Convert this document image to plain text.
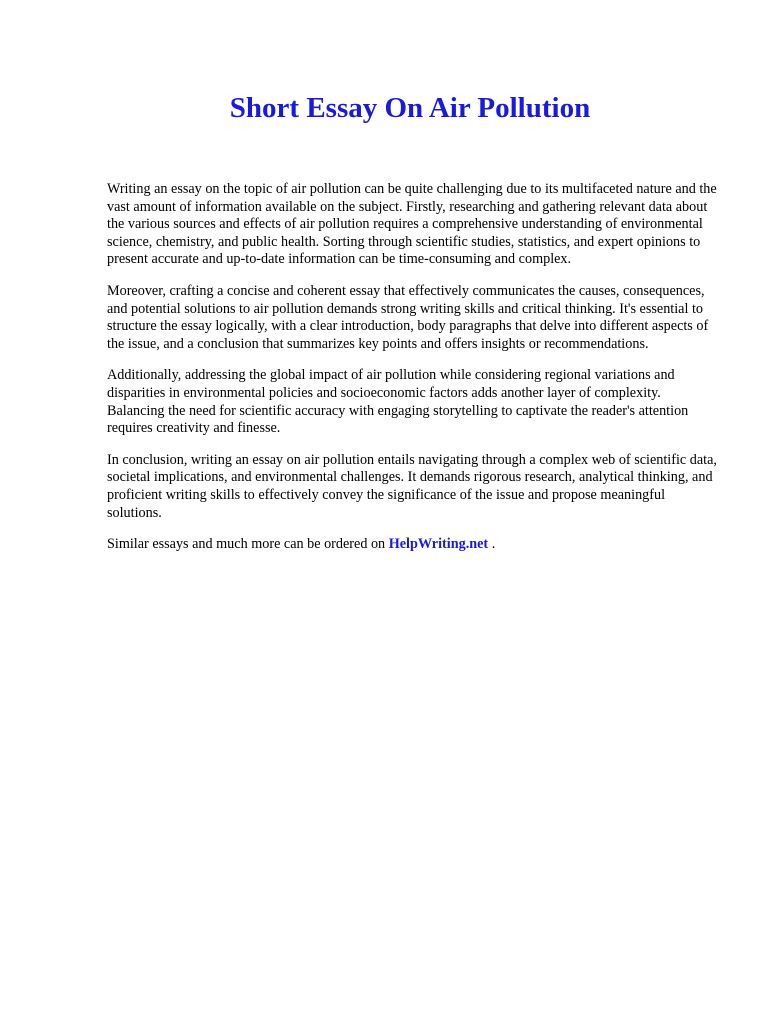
Short Essay On Air Pollution

Writing an essay on the topic of air pollution can be quite challenging due to its multifaceted nature and the vast amount of information available on the subject. Firstly, researching and gathering relevant data about the various sources and effects of air pollution requires a comprehensive understanding of environmental science, chemistry, and public health. Sorting through scientific studies, statistics, and expert opinions to present accurate and up-to-date information can be time-consuming and complex.

Moreover, crafting a concise and coherent essay that effectively communicates the causes, consequences, and potential solutions to air pollution demands strong writing skills and critical thinking. It's essential to structure the essay logically, with a clear introduction, body paragraphs that delve into different aspects of the issue, and a conclusion that summarizes key points and offers insights or recommendations.

Additionally, addressing the global impact of air pollution while considering regional variations and disparities in environmental policies and socioeconomic factors adds another layer of complexity. Balancing the need for scientific accuracy with engaging storytelling to captivate the reader's attention requires creativity and finesse.

In conclusion, writing an essay on air pollution entails navigating through a complex web of scientific data, societal implications, and environmental challenges. It demands rigorous research, analytical thinking, and proficient writing skills to effectively convey the significance of the issue and propose meaningful solutions.

Similar essays and much more can be ordered on HelpWriting.net .
